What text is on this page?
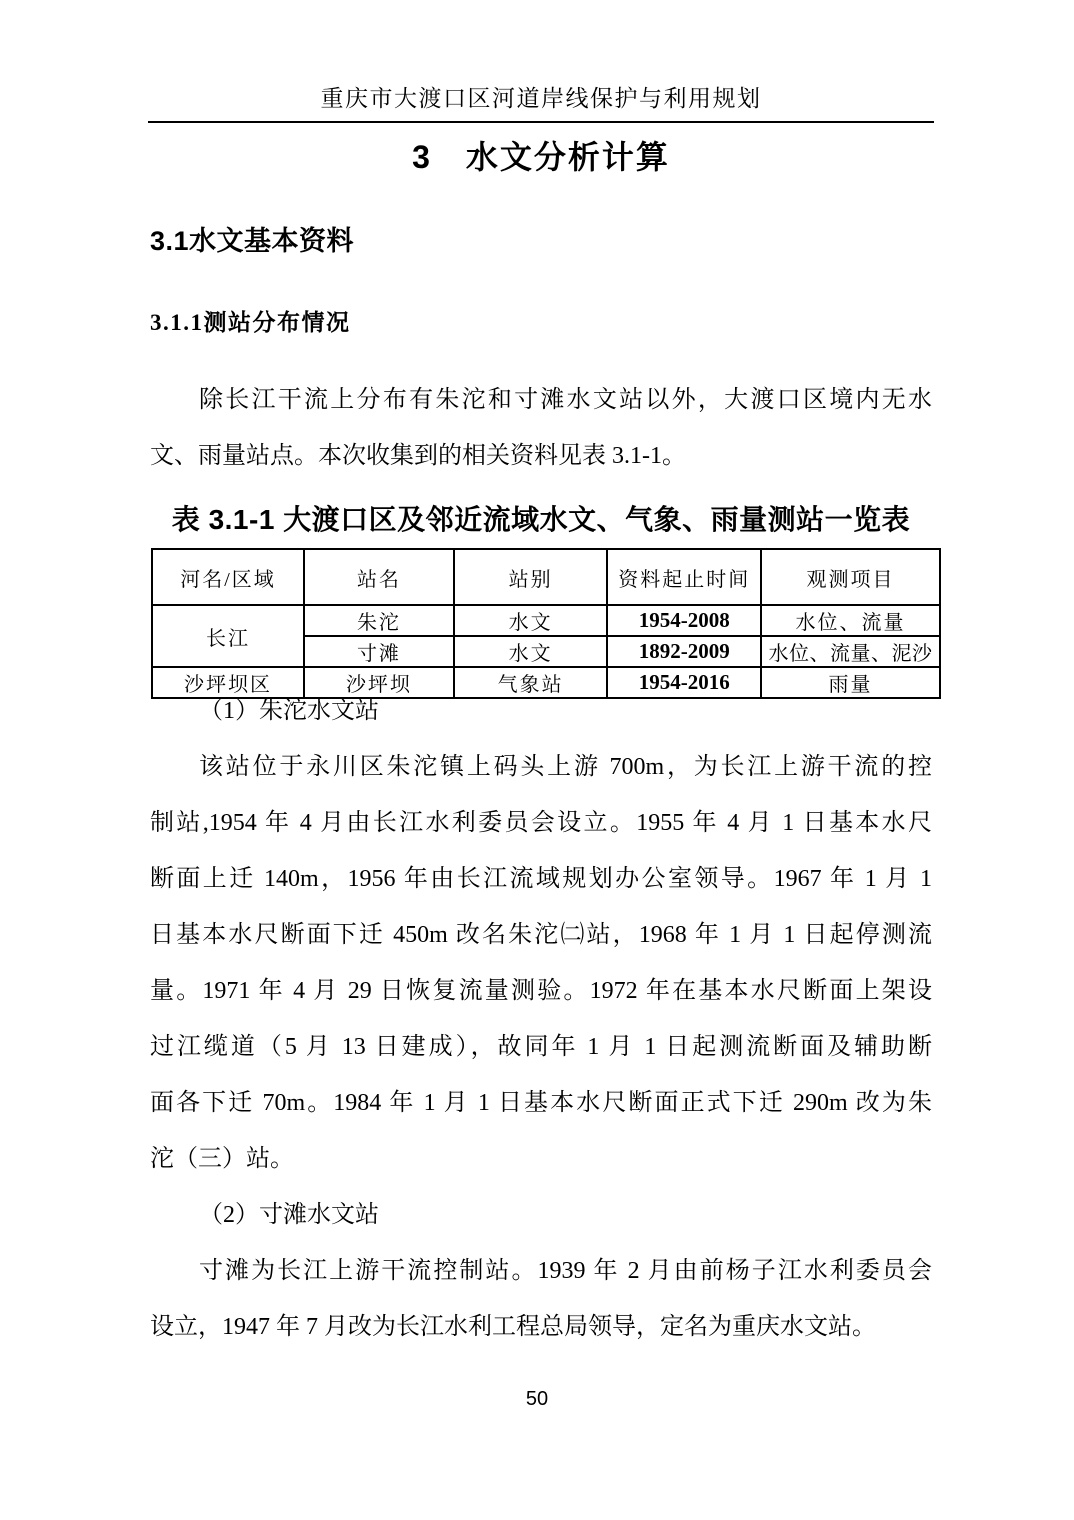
重庆市大渡口区河道岸线保护与利用规划
3　水文分析计算
3.1水文基本资料
3.1.1测站分布情况
除长江干流上分布有朱沱和寸滩水文站以外，大渡口区境内无水
文、雨量站点。本次收集到的相关资料见表 3.1-1。
表 3.1-1 大渡口区及邻近流域水文、气象、雨量测站一览表
河名/区域	站名	站别	资料起止时间	观测项目
长江	朱沱	水文	1954-2008	水位、流量
	寸滩	水文	1892-2009	水位、流量、泥沙
沙坪坝区	沙坪坝	气象站	1954-2016	雨量
（1）朱沱水文站
该站位于永川区朱沱镇上码头上游 700m，为长江上游干流的控
制站,1954 年 4 月由长江水利委员会设立。1955 年 4 月 1 日基本水尺
断面上迁 140m，1956 年由长江流域规划办公室领导。1967 年 1 月 1
日基本水尺断面下迁 450m 改名朱沱㈡站，1968 年 1 月 1 日起停测流
量。1971 年 4 月 29 日恢复流量测验。1972 年在基本水尺断面上架设
过江缆道（5 月 13 日建成），故同年 1 月 1 日起测流断面及辅助断
面各下迁 70m。1984 年 1 月 1 日基本水尺断面正式下迁 290m 改为朱
沱（三）站。
（2）寸滩水文站
寸滩为长江上游干流控制站。1939 年 2 月由前杨子江水利委员会
设立，1947 年 7 月改为长江水利工程总局领导，定名为重庆水文站。
50
